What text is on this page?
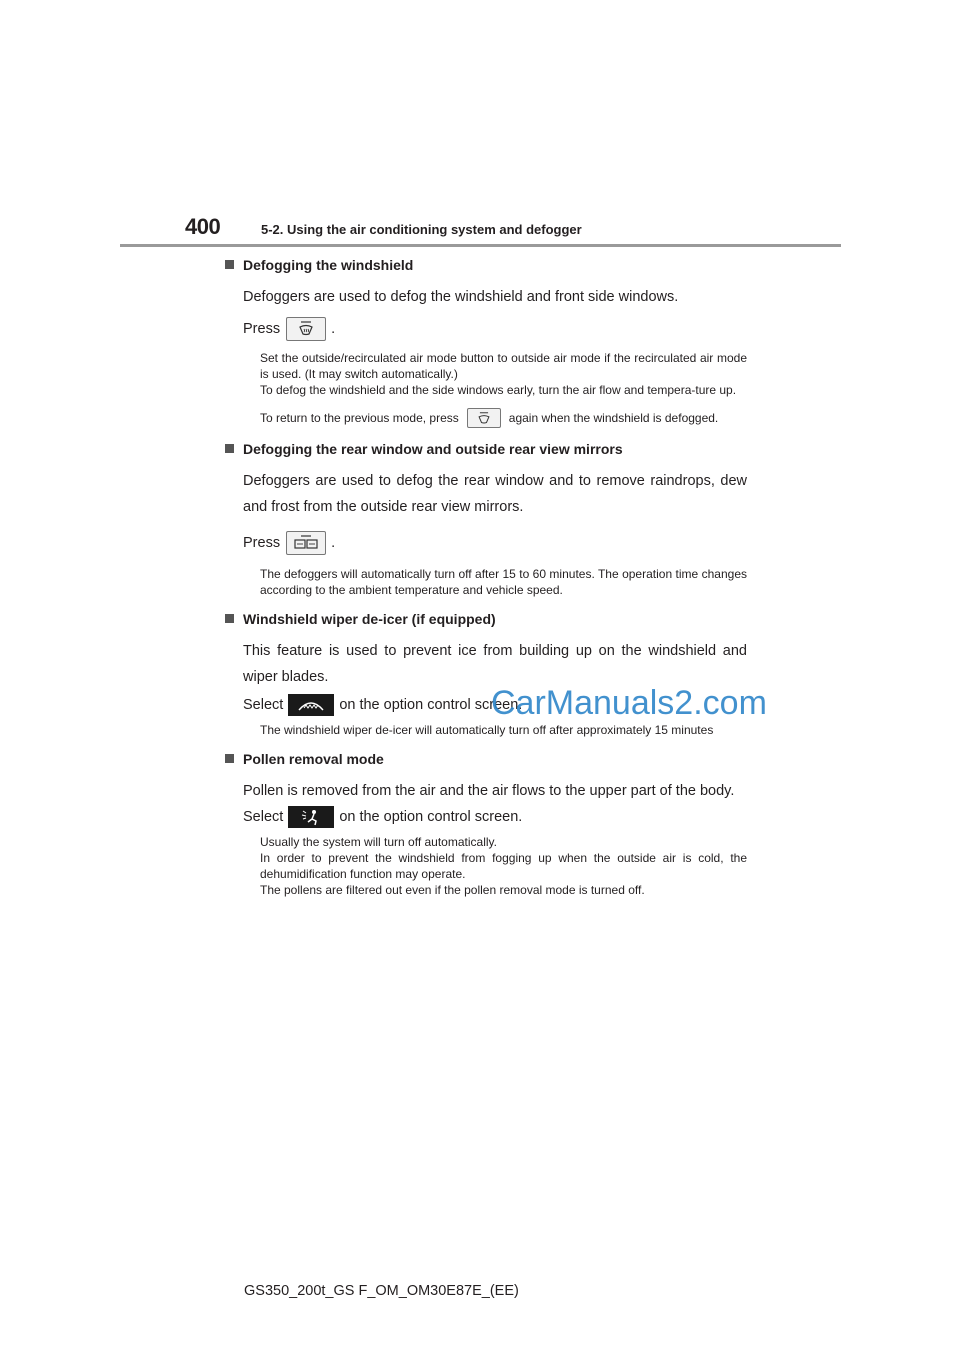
400	5-2. Using the air conditioning system and defogger
Defogging the windshield
Defoggers are used to defog the windshield and front side windows.
Press	.

Set the outside/recirculated air mode button to outside air mode if the recirculated air mode is used. (It may switch automatically.)

To defog the windshield and the side windows early, turn the air flow and tempera-ture up.

To return to the previous mode, press	again when the windshield is defogged.

Defogging the rear window and outside rear view mirrors
Defoggers are used to defog the rear window and to remove raindrops, dew and frost from the outside rear view mirrors.
Press	.

The defoggers will automatically turn off after 15 to 60 minutes. The operation time changes according to the ambient temperature and vehicle speed.

Windshield wiper de-icer (if equipped)
This feature is used to prevent ice from building up on the windshield and wiper blades.
Select	on the option control screen.

The windshield wiper de-icer will automatically turn off after approximately 15 minutes

Pollen removal mode
Pollen is removed from the air and the air flows to the upper part of the body.
Select	on the option control screen.

Usually the system will turn off automatically.

In order to prevent the windshield from fogging up when the outside air is cold, the dehumidification function may operate.

The pollens are filtered out even if the pollen removal mode is turned off.

CarManuals2.com
GS350_200t_GS F_OM_OM30E87E_(EE)
